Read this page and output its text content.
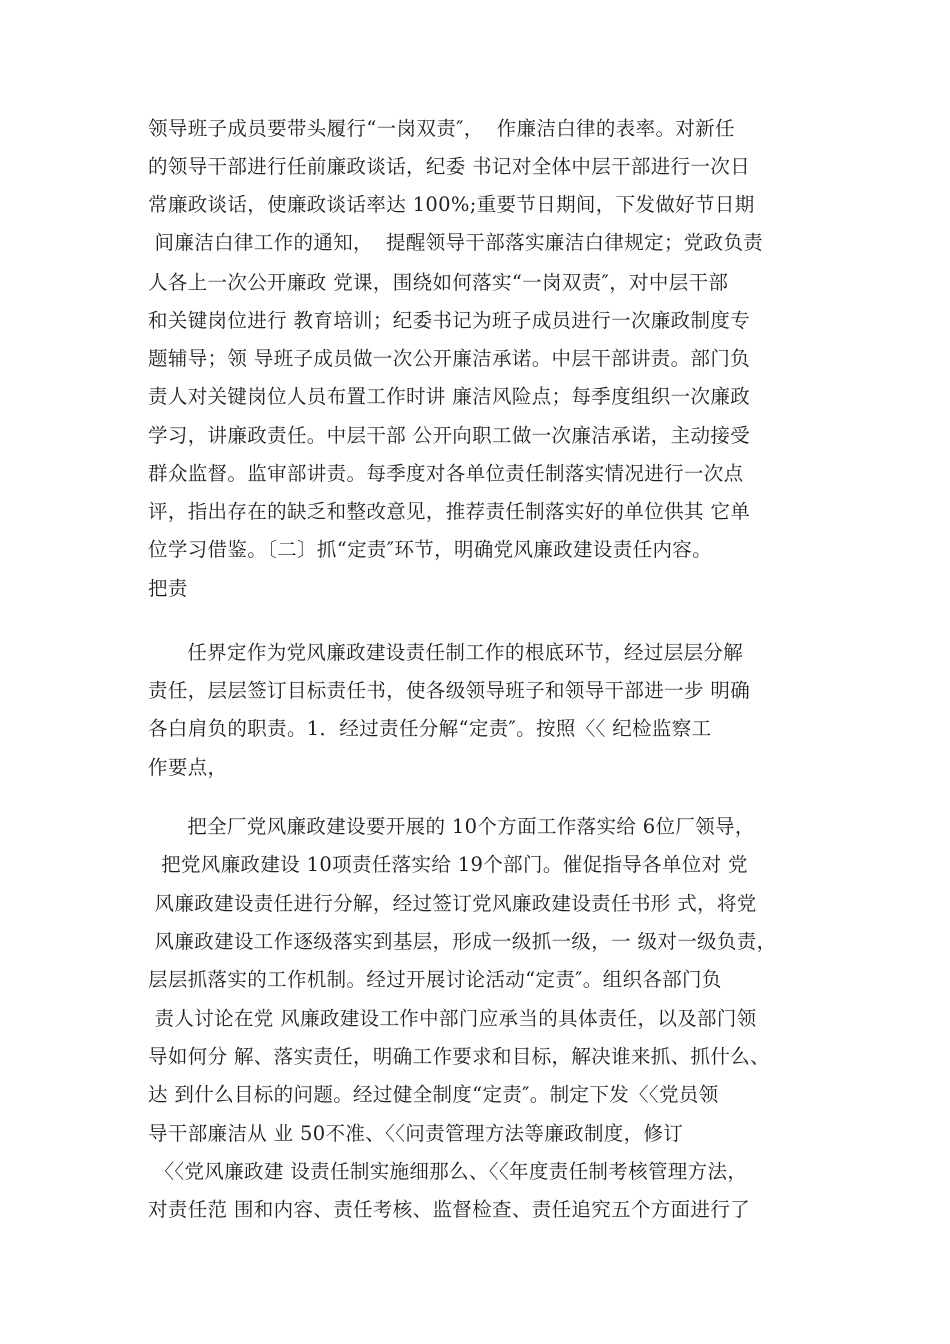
领导班子成员要带头履行“一岗双责″，  作廉洁白律的表率。对新任

的领导干部进行任前廉政谈话，纪委 书记对全体中层干部进行一次日

常廉政谈话，使廉政谈话率达 100%;重要节日期间，下发做好节日期

间廉洁白律工作的通知，  提醒领导干部落实廉洁白律规定；党政负责

人各上一次公开廉政 党课，围绕如何落实“一岗双责″，对中层干部

和关键岗位进行 教育培训；纪委书记为班子成员进行一次廉政制度专

题辅导；领 导班子成员做一次公开廉洁承诺。中层干部讲责。部门负

责人对关键岗位人员布置工作时讲 廉洁风险点；每季度组织一次廉政

学习，讲廉政责任。中层干部 公开向职工做一次廉洁承诺，主动接受

群众监督。监审部讲责。每季度对各单位责任制落实情况进行一次点

评，指出存在的缺乏和整改意见，推荐责任制落实好的单位供其 它单

位学习借鉴。〔二〕抓“定责″环节，明确党风廉政建设责任内容。

把责

任界定作为党风廉政建设责任制工作的根底环节，经过层层分解

责任，层层签订目标责任书，使各级领导班子和领导干部进一步 明确

各白肩负的职责。1．经过责任分解“定责″。按照〈〈 纪检监察工

作要点，

把全厂党风廉政建设要开展的 10个方面工作落实给 6位厂领导，

把党风廉政建设 10项责任落实给 19个部门。催促指导各单位对 党

风廉政建设责任进行分解，经过签订党风廉政建设责任书形 式，将党

风廉政建设工作逐级落实到基层，形成一级抓一级，一 级对一级负责，

层层抓落实的工作机制。经过开展讨论活动“定责″。组织各部门负

责人讨论在党 风廉政建设工作中部门应承当的具体责任，以及部门领

导如何分 解、落实责任，明确工作要求和目标，解决谁来抓、抓什么、

达 到什么目标的问题。经过健全制度“定责″。制定下发〈〈党员领

导干部廉洁从 业 50不准、〈〈问责管理方法等廉政制度，修订

〈〈党风廉政建 设责任制实施细那么、〈〈年度责任制考核管理方法，

对责任范 围和内容、责任考核、监督检查、责任追究五个方面进行了
